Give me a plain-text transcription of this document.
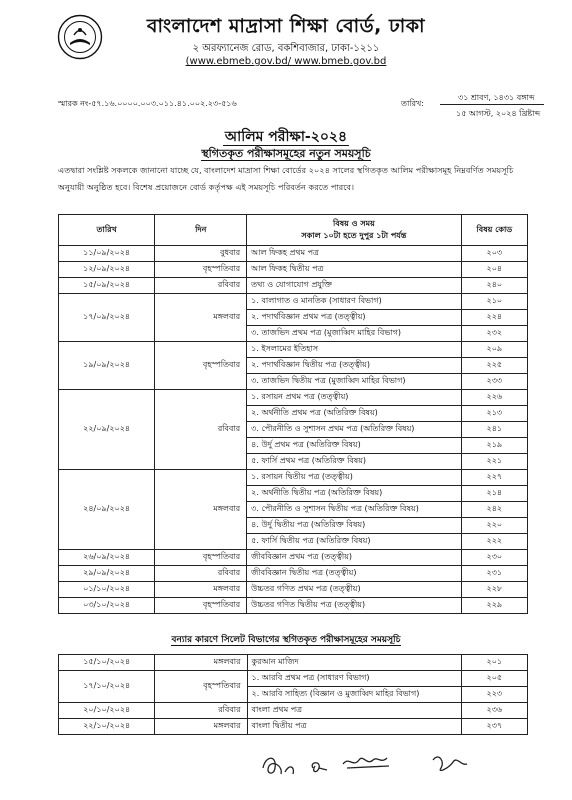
বাংলাদেশ মাদ্রাসা শিক্ষা বোর্ড, ঢাকা
২ অরফ্যানেজ রোড, বকশিবাজার, ঢাকা-১২১১
(www.ebmeb.gov.bd/ www.bmeb.gov.bd
স্মারক নং-৫৭.১৬.০০০০.০০৩.০১১.৪১.০০২.২৩-৫১৬	তারিখ:
৩১ শ্রাবণ, ১৪৩১ বঙ্গাব্দ
১৫ আগস্ট, ২০২৪ খ্রিষ্টাব্দ
আলিম পরীক্ষা-২০২৪
স্থগিতকৃত পরীক্ষাসমূহের নতুন সময়সূচি
এতদ্বারা সংশ্লিষ্ট সকলকে জানানো যাচ্ছে যে, বাংলাদেশ মাদ্রাসা শিক্ষা বোর্ডের ২০২৪ সালের স্থগিতকৃত আলিম পরীক্ষাসমূহ নিম্নবর্ণিত সময়সূচি অনুযায়ী অনুষ্ঠিত হবে। বিশেষ প্রয়োজনে বোর্ড কর্তৃপক্ষ এই সময়সূচি পরিবর্তন করতে পারবে।
তারিখ	দিন	বিষয় ও সময়
সকাল ১০টা হতে দুপুর ১টা পর্যন্ত	বিষয় কোড
১১/০৯/২০২৪	বুধবার	আল ফিকহ প্রথম পত্র	২০৩
১২/০৯/২০২৪	বৃহস্পতিবার	আল ফিকহ দ্বিতীয় পত্র	২০৪
১৫/০৯/২০২৪	রবিবার	তথ্য ও যোগাযোগ প্রযুক্তি	২৪০
১৭/০৯/২০২৪	মঙ্গলবার	১. বালাগাত ও মানতিক (সাধারণ বিভাগ)	২১০
		২. পদার্থবিজ্ঞান প্রথম পত্র (তত্ত্বীয়)	২২৪
		৩. তাজভিদ প্রথম পত্র (মুজাব্বিদ মাহির বিভাগ)	২৩২
১৯/০৯/২০২৪	বৃহস্পতিবার	১. ইসলামের ইতিহাস	২০৯
		২. পদার্থবিজ্ঞান দ্বিতীয় পত্র (তত্ত্বীয়)	২২৫
		৩. তাজভিদ দ্বিতীয় পত্র (মুজাব্বিদ মাহির বিভাগ)	২৩৩
২২/০৯/২০২৪	রবিবার	১. রসায়ন প্রথম পত্র (তত্ত্বীয়)	২২৬
		২. অর্থনীতি প্রথম পত্র (অতিরিক্ত বিষয়)	২১৩
		৩. পৌরনীতি ও সুশাসন প্রথম পত্র (অতিরিক্ত বিষয়)	২৪১
		৪. উর্দু প্রথম পত্র (অতিরিক্ত বিষয়)	২১৯
		৫. ফার্সি প্রথম পত্র (অতিরিক্ত বিষয়)	২২১
২৪/০৯/২০২৪	মঙ্গলবার	১. রসায়ন দ্বিতীয় পত্র (তত্ত্বীয়)	২২৭
		২. অর্থনীতি দ্বিতীয় পত্র (অতিরিক্ত বিষয়)	২১৪
		৩. পৌরনীতি ও সুশাসন দ্বিতীয় পত্র (অতিরিক্ত বিষয়)	২৪২
		৪. উর্দু দ্বিতীয় পত্র (অতিরিক্ত বিষয়)	২২০
		৫. ফার্সি দ্বিতীয় পত্র (অতিরিক্ত বিষয়)	২২২
২৬/০৯/২০২৪	বৃহস্পতিবার	জীববিজ্ঞান প্রথম পত্র (তত্ত্বীয়)	২৩০
২৯/০৯/২০২৪	রবিবার	জীববিজ্ঞান দ্বিতীয় পত্র (তত্ত্বীয়)	২৩১
০১/১০/২০২৪	মঙ্গলবার	উচ্চতর গণিত প্রথম পত্র (তত্ত্বীয়)	২২৮
০৩/১০/২০২৪	বৃহস্পতিবার	উচ্চতর গণিত দ্বিতীয় পত্র (তত্ত্বীয়)	২২৯
বন্যার কারণে সিলেট বিভাগের স্থগিতকৃত পরীক্ষাসমূহের সময়সূচি
১৫/১০/২০২৪	মঙ্গলবার	কুরআন মাজিদ	২০১
১৭/১০/২০২৪	বৃহস্পতিবার	১. আরবি প্রথম পত্র (সাধারণ বিভাগ)	২০৫
		২. আরবি সাহিত্য (বিজ্ঞান ও মুজাব্বিদ মাহির বিভাগ)	২২৩
২০/১০/২০২৪	রবিবার	বাংলা প্রথম পত্র	২৩৬
২২/১০/২০২৪	মঙ্গলবার	বাংলা দ্বিতীয় পত্র	২৩৭
